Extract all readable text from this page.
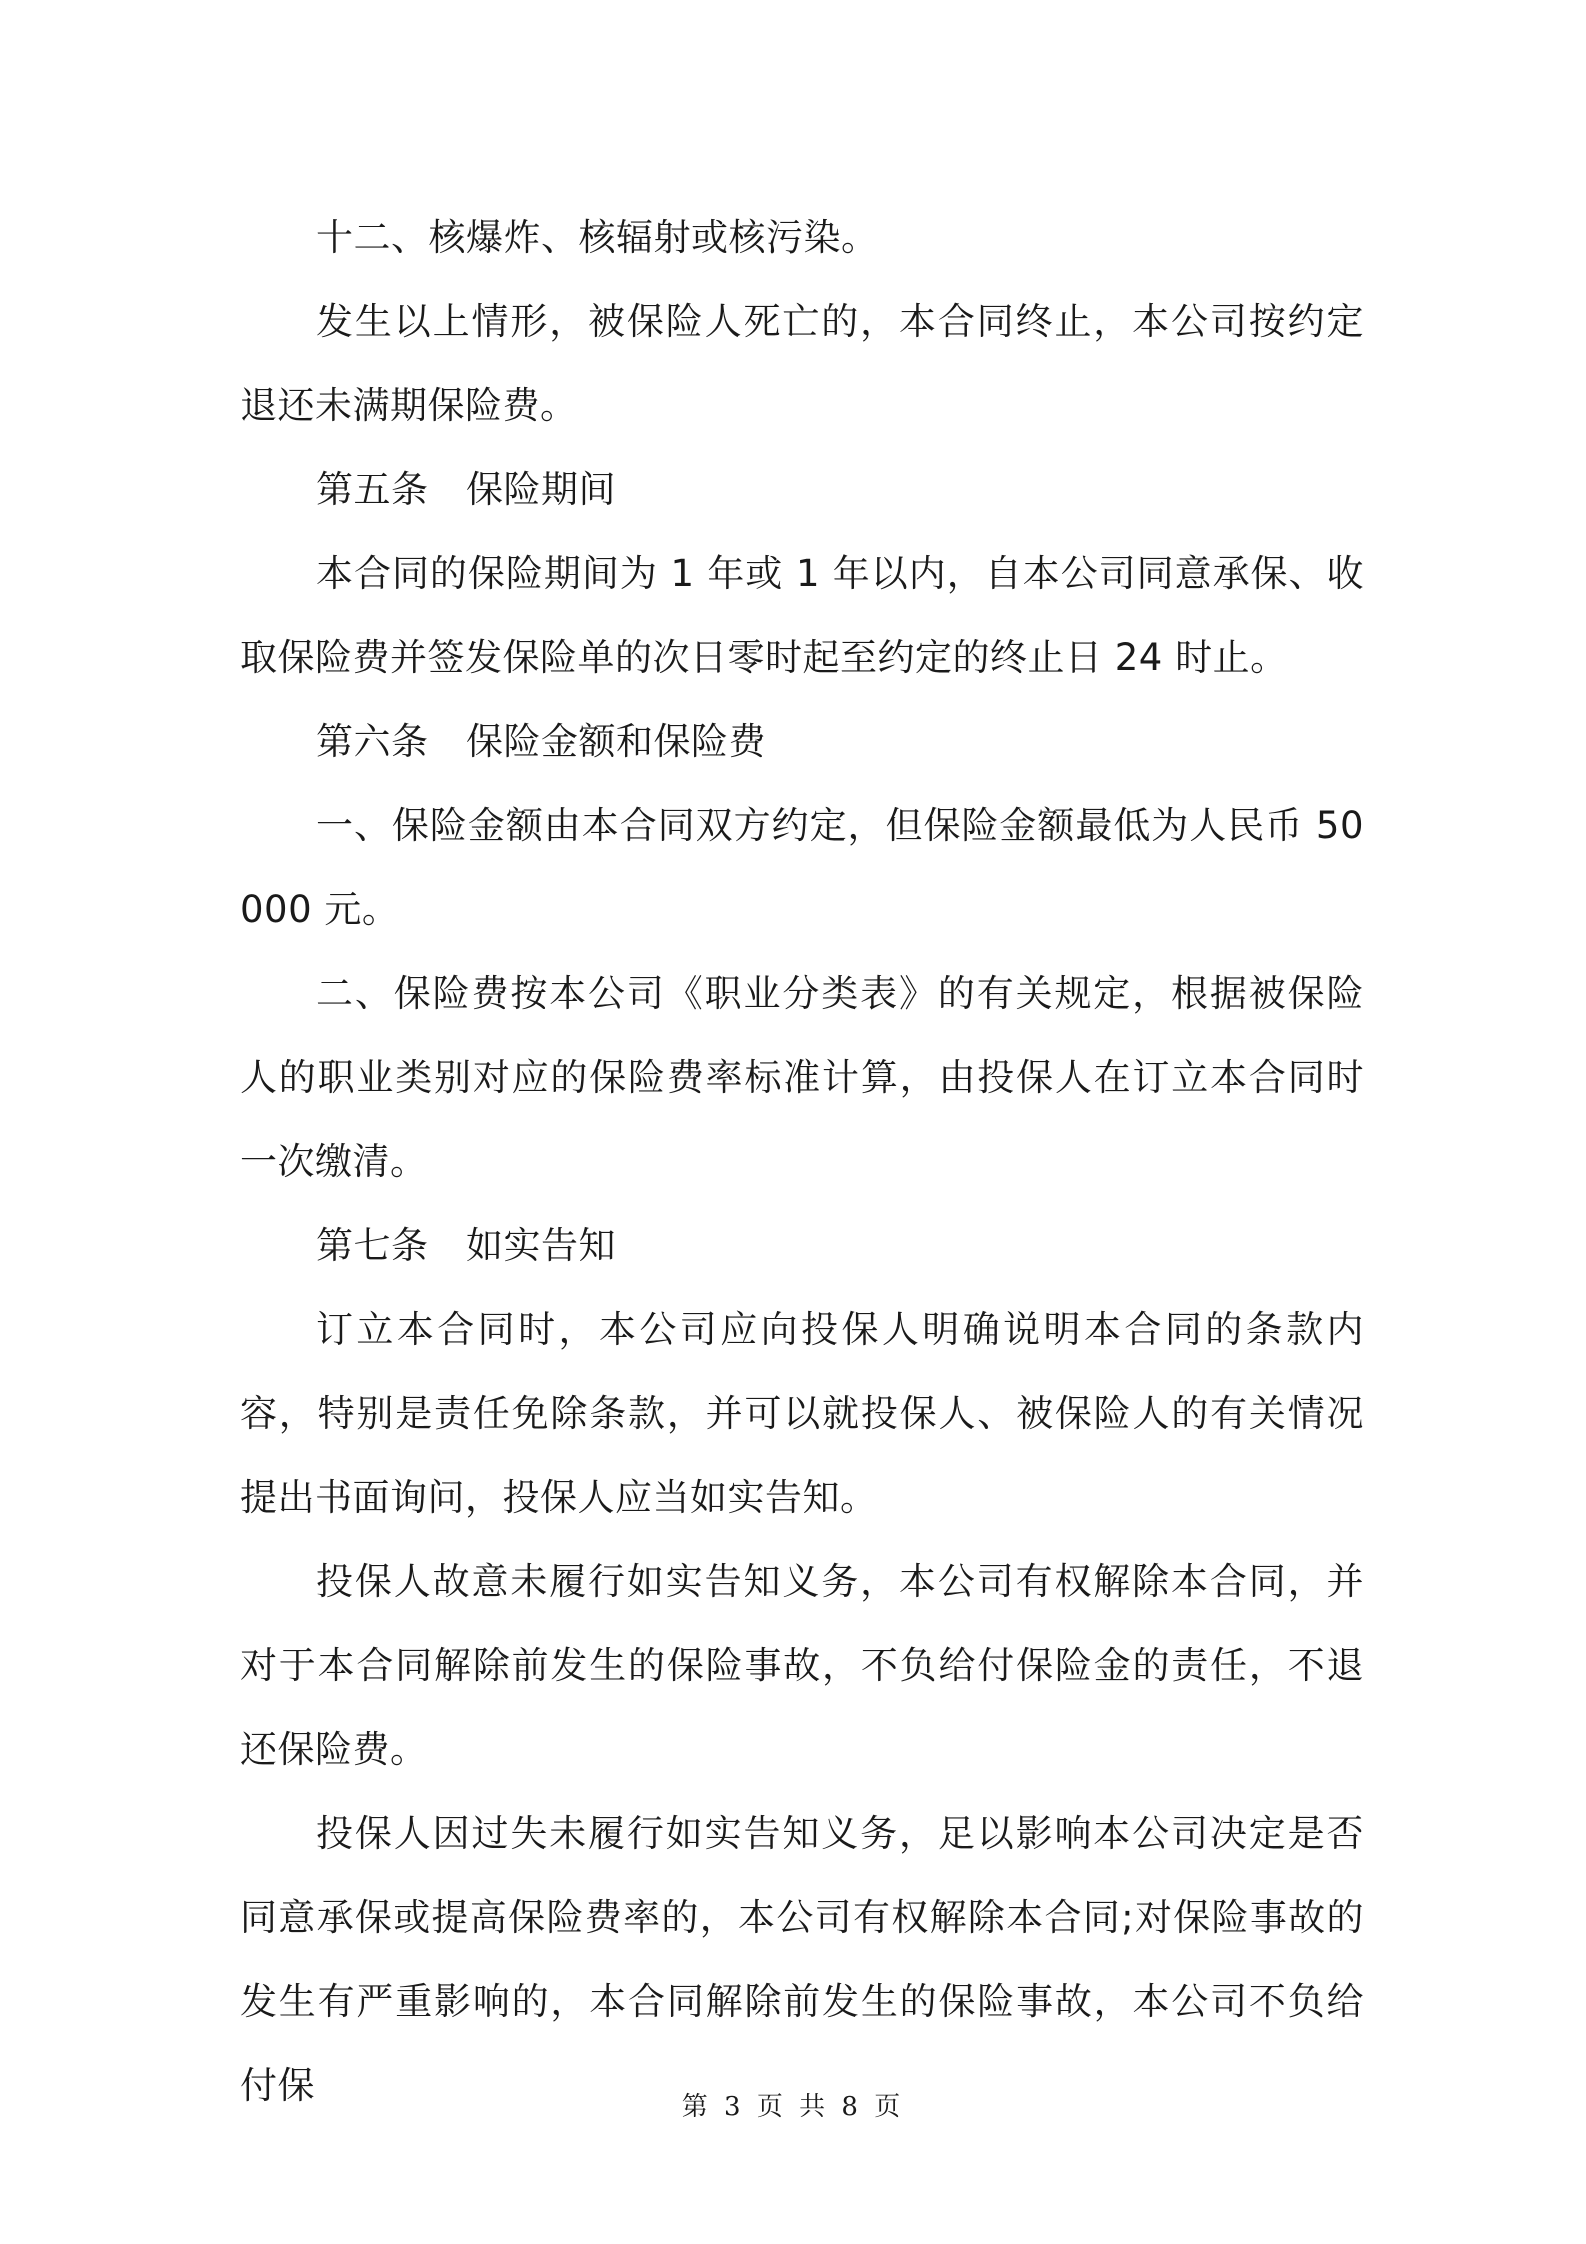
十二、核爆炸、核辐射或核污染。

发生以上情形，被保险人死亡的，本合同终止，本公司按约定退还未满期保险费。

第五条　保险期间

本合同的保险期间为 1 年或 1 年以内，自本公司同意承保、收取保险费并签发保险单的次日零时起至约定的终止日 24 时止。

第六条　保险金额和保险费

一、保险金额由本合同双方约定，但保险金额最低为人民币 50000 元。

二、保险费按本公司《职业分类表》的有关规定，根据被保险人的职业类别对应的保险费率标准计算，由投保人在订立本合同时一次缴清。

第七条　如实告知

订立本合同时，本公司应向投保人明确说明本合同的条款内容，特别是责任免除条款，并可以就投保人、被保险人的有关情况提出书面询问，投保人应当如实告知。

投保人故意未履行如实告知义务，本公司有权解除本合同，并对于本合同解除前发生的保险事故，不负给付保险金的责任，不退还保险费。

投保人因过失未履行如实告知义务，足以影响本公司决定是否同意承保或提高保险费率的，本公司有权解除本合同;对保险事故的发生有严重影响的，本合同解除前发生的保险事故，本公司不负给付保	第 3 页 共 8 页
